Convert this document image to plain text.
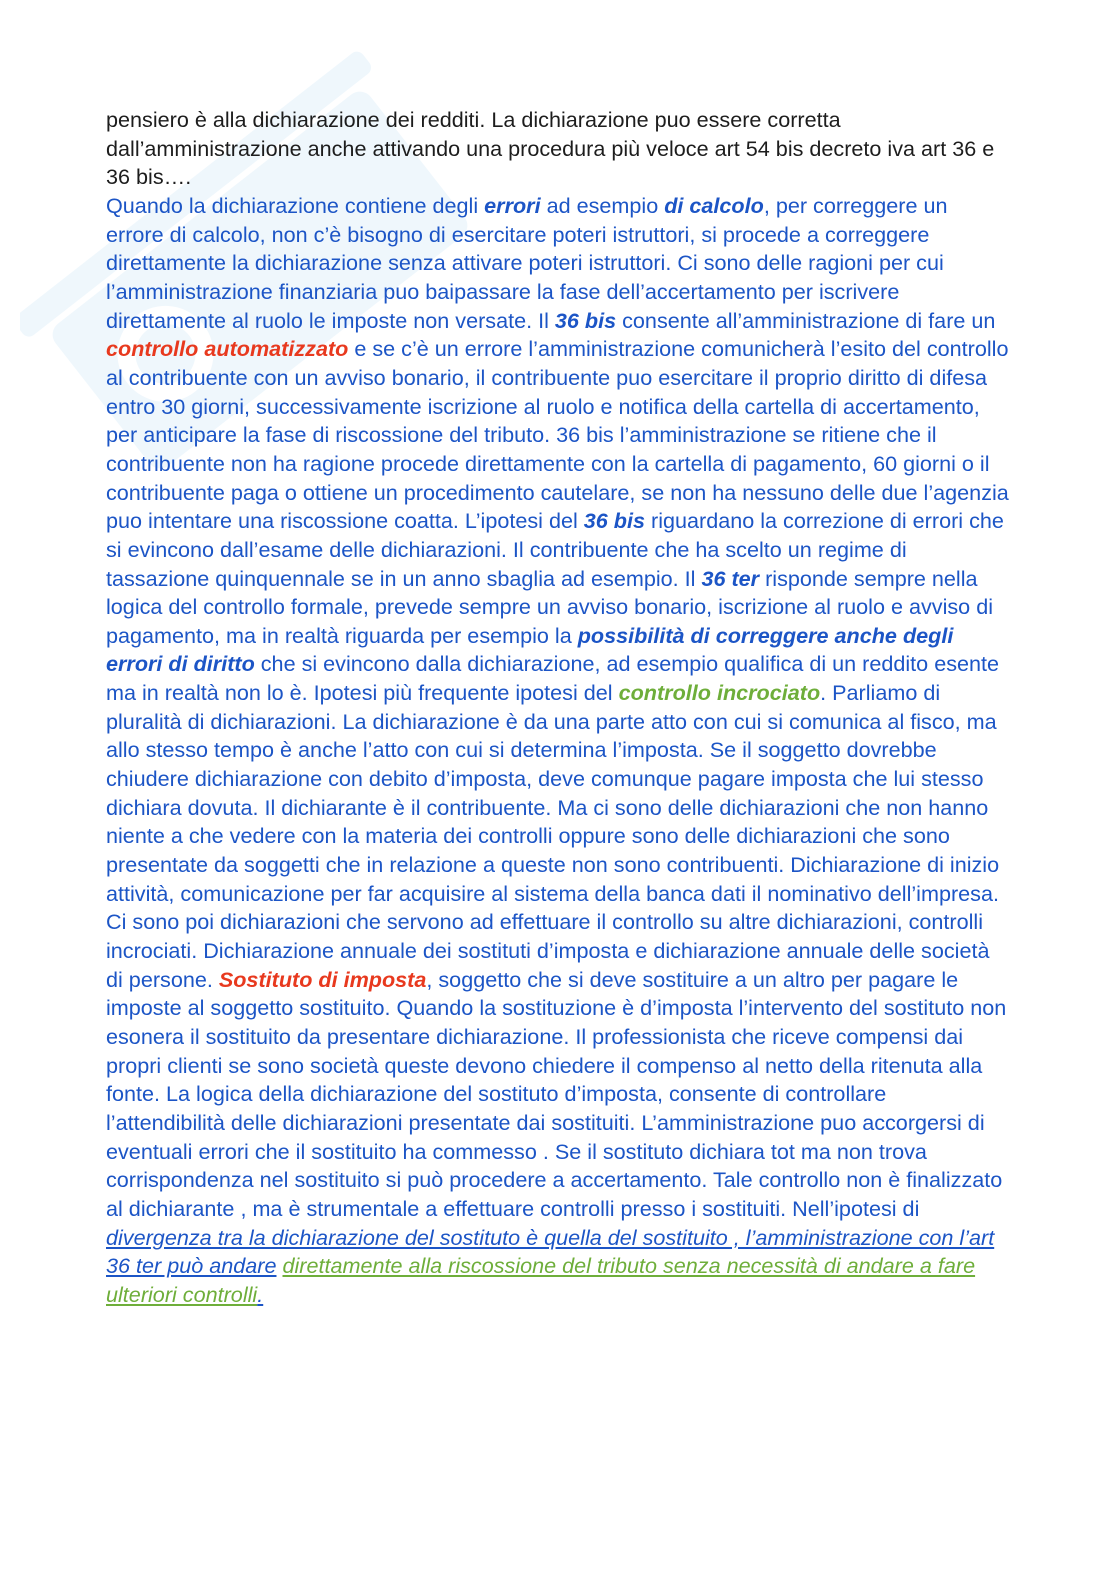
pensiero è alla dichiarazione dei redditi. La dichiarazione puo essere corretta dall’amministrazione anche attivando una procedura più veloce art 54 bis decreto iva art 36 e 36 bis….

Quando la dichiarazione contiene degli errori ad esempio di calcolo, per correggere un errore di calcolo, non c’è bisogno di esercitare poteri istruttori, si procede a correggere direttamente la dichiarazione senza attivare poteri istruttori. Ci sono delle ragioni per cui l’amministrazione finanziaria puo baipassare la fase dell’accertamento per iscrivere direttamente al ruolo le imposte non versate. Il 36 bis consente all’amministrazione di fare un controllo automatizzato e se c’è un errore l’amministrazione comunicherà l’esito del controllo al contribuente con un avviso bonario, il contribuente puo esercitare il proprio diritto di difesa entro 30 giorni, successivamente iscrizione al ruolo e notifica della cartella di accertamento, per anticipare la fase di riscossione del tributo. 36 bis l’amministrazione se ritiene che il contribuente non ha ragione procede direttamente con la cartella di pagamento, 60 giorni o il contribuente paga o ottiene un procedimento cautelare, se non ha nessuno delle due l’agenzia puo intentare una riscossione coatta. L’ipotesi del 36 bis riguardano la correzione di errori che si evincono dall’esame delle dichiarazioni. Il contribuente che ha scelto un regime di tassazione quinquennale se in un anno sbaglia ad esempio. Il 36 ter risponde sempre nella logica del controllo formale, prevede sempre un avviso bonario, iscrizione al ruolo e avviso di pagamento, ma in realtà riguarda per esempio la possibilità di correggere anche degli errori di diritto che si evincono dalla dichiarazione, ad esempio qualifica di un reddito esente ma in realtà non lo è. Ipotesi più frequente ipotesi del controllo incrociato. Parliamo di pluralità di dichiarazioni. La dichiarazione è da una parte atto con cui si comunica al fisco, ma allo stesso tempo è anche l’atto con cui si determina l’imposta. Se il soggetto dovrebbe chiudere dichiarazione con debito d’imposta, deve comunque pagare imposta che lui stesso dichiara dovuta. Il dichiarante è il contribuente. Ma ci sono delle dichiarazioni che non hanno niente a che vedere con la materia dei controlli oppure sono delle dichiarazioni che sono presentate da soggetti che in relazione a queste non sono contribuenti. Dichiarazione di inizio attività, comunicazione per far acquisire al sistema della banca dati il nominativo dell’impresa. Ci sono poi dichiarazioni che servono ad effettuare il controllo su altre dichiarazioni, controlli incrociati. Dichiarazione annuale dei sostituti d’imposta e dichiarazione annuale delle società di persone. Sostituto di imposta, soggetto che si deve sostituire a un altro per pagare le imposte al soggetto sostituito. Quando la sostituzione è d’imposta l’intervento del sostituto non esonera il sostituito da presentare dichiarazione. Il professionista che riceve compensi dai propri clienti se sono società queste devono chiedere il compenso al netto della ritenuta alla fonte. La logica della dichiarazione del sostituto d’imposta, consente di controllare l’attendibilità delle dichiarazioni presentate dai sostituiti. L’amministrazione puo accorgersi di eventuali errori che il sostituito ha commesso . Se il sostituto dichiara tot ma non trova corrispondenza nel sostituito si può procedere a accertamento. Tale controllo non è finalizzato al dichiarante , ma è strumentale a effettuare controlli presso i sostituiti. Nell’ipotesi di divergenza tra la dichiarazione del sostituto è quella del sostituito , l’amministrazione con l’art 36 ter può andare direttamente alla riscossione del tributo senza necessità di andare a fare ulteriori controlli.
